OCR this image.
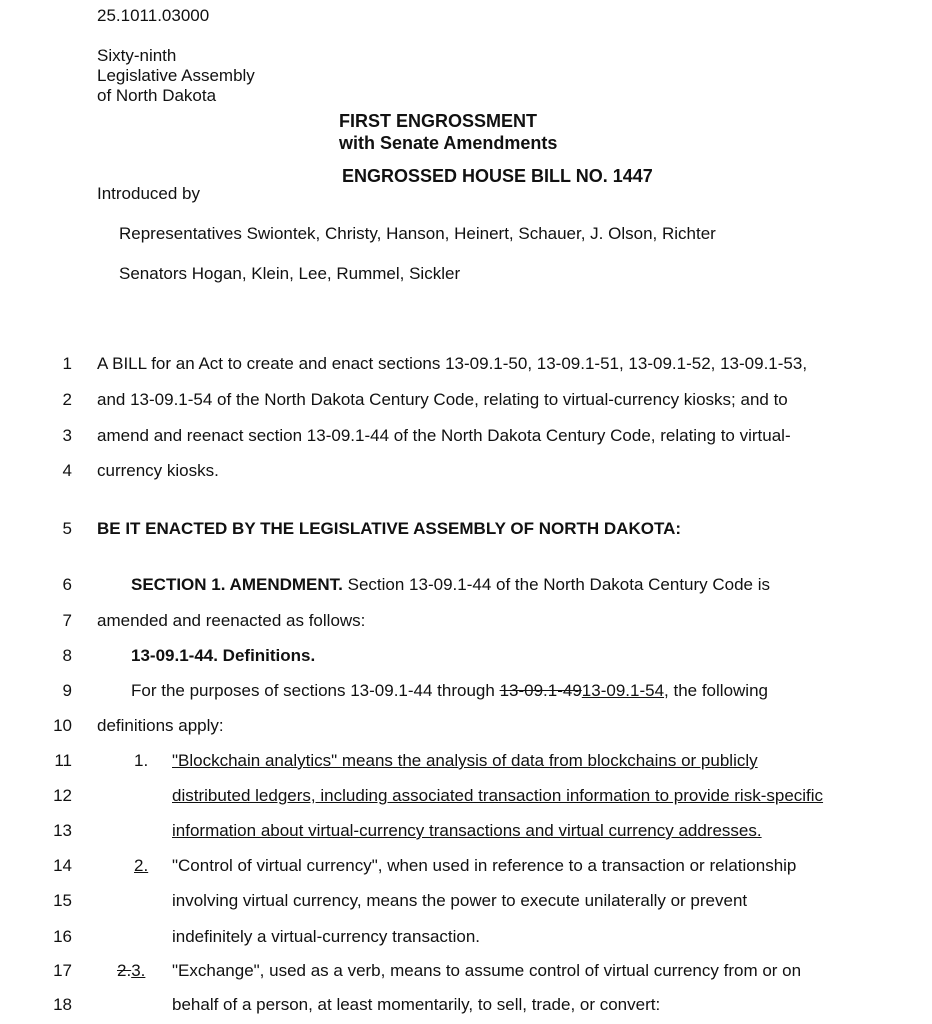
25.1011.03000
Sixty-ninth
Legislative Assembly
of North Dakota
FIRST ENGROSSMENT
with Senate Amendments
ENGROSSED HOUSE BILL NO. 1447
Introduced by
Representatives Swiontek, Christy, Hanson, Heinert, Schauer, J. Olson, Richter
Senators Hogan, Klein, Lee, Rummel, Sickler
1 A BILL for an Act to create and enact sections 13-09.1-50, 13-09.1-51, 13-09.1-52, 13-09.1-53,
2 and 13-09.1-54 of the North Dakota Century Code, relating to virtual-currency kiosks; and to
3 amend and reenact section 13-09.1-44 of the North Dakota Century Code, relating to virtual-
4 currency kiosks.
5 BE IT ENACTED BY THE LEGISLATIVE ASSEMBLY OF NORTH DAKOTA:
6	SECTION 1. AMENDMENT. Section 13-09.1-44 of the North Dakota Century Code is
7 amended and reenacted as follows:
8	13-09.1-44. Definitions.
9	For the purposes of sections 13-09.1-44 through 13-09.1-4913-09.1-54, the following
10 definitions apply:
11	1. "Blockchain analytics" means the analysis of data from blockchains or publicly
12	distributed ledgers, including associated transaction information to provide risk-specific
13	information about virtual-currency transactions and virtual currency addresses.
14	2. "Control of virtual currency", when used in reference to a transaction or relationship
15	involving virtual currency, means the power to execute unilaterally or prevent
16	indefinitely a virtual-currency transaction.
17	2.3. "Exchange", used as a verb, means to assume control of virtual currency from or on
18	behalf of a person, at least momentarily, to sell, trade, or convert:
